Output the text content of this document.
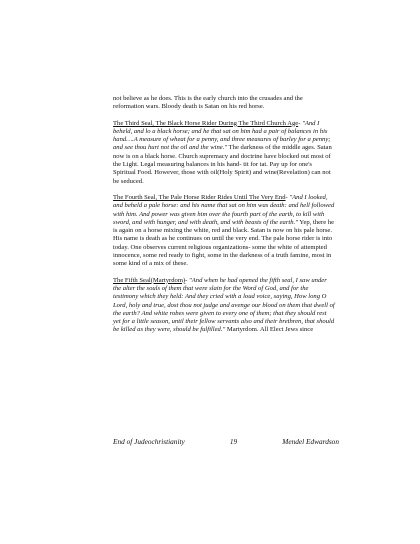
not believe as he does. This is the early church into the crusades and the reformation wars. Bloody death is Satan on his red horse.

The Third Seal, The Black Horse Rider During The Third Church Age- "And I beheld, and lo a black horse; and he that sat on him had a pair of balances in his hand….A measure of wheat for a penny, and three measures of barley for a penny; and see thou hurt not the oil and the wine." The darkness of the middle ages. Satan now is on a black horse. Church supremacy and doctrine have blocked out most of the Light. Legal measuring balances in his hand- tit for tat. Pay up for one's Spiritual Food. However, those with oil(Holy Spirit) and wine(Revelation) can not be seduced.

The Fourth Seal, The Pale Horse Rider Rides Until The Very End- "And I looked, and beheld a pale horse: and his name that sat on him was death: and hell followed with him. And power was given him over the fourth part of the earth, to kill with sword, and with hunger, and with death, and with beasts of the earth." Yep, there he is again on a horse mixing the white, red and black. Satan is now on his pale horse. His name is death as he continues on until the very end. The pale horse rider is into today. One observes current religious organizations- some the white of attempted innocence, some red ready to fight, some in the darkness of a truth famine, most in some kind of a mix of these.

The Fifth Seal(Martyrdom)- "And when he had opened the fifth seal, I saw under the alter the souls of them that were slain for the Word of God, and for the testimony which they held: And they cried with a loud voice, saying, How long O Lord, holy and true, dost thou not judge and avenge our blood on them that dwell of the earth? And white robes were given to every one of them; that they should rest yet for a little season, until their fellow servants also and their brethren, that should be killed as they were, should be fulfilled." Martyrdom. All Elect Jews since

End of Judeochristianity	19	Mendel Edwardson
